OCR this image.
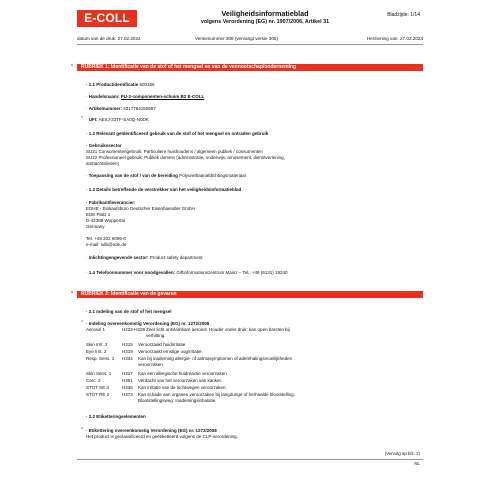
E-COLL	Veiligheidsinformatieblad
volgens Verordening (EG) nr. 1907/2006, Artikel 31
Bladzijde: 1/14
datum van de druk: 27.02.2024	Versienummer 306 (vervangt versie 305)	Herziening van: 27.02.2024
* RUBRIEK 1: Identificatie van de stof of het mengsel en van de vennootschap/onderneming
· 1.1 Productidentificatie 600166
· Handelsnaam: PU-2-componenten-schuim B2 E-COLL
· Artikelnummer: 4317784150697
* · UFI: AEXJ-23TF-SA0Q-N0DK
· 1.2 Relevant geïdentificeerd gebruik van de stof of het mengsel en ontraden gebruik
· Gebruikssector
SU21 Consumentengebruik: Particuliere huishoudens / algemeen publiek / consumenten
SU22 Professioneel gebruik: Publiek domein (administratie, onderwijs, amusement, dienstverlening,
ambachtslieden)
· Toepassing van de stof / van de bereiding Polyurethaanafdichtingsmateriaal
· 1.3 Details betreffende de verstrekker van het veiligheidsinformatieblad
· Fabrikant/leverancier:
EDHE - Einkaufsbüro Deutscher Eisenhaendler GmbH
EDE Platz 1
D-42389 Wuppertal
Germany
Tel. +49 202 6096-0
e-mail: sdb@ede.de
· Inlichtingengevende sector: Product safety department
· 1.4 Telefoonnummer voor noodgevallen: Giftinformationszentrum Mainz – Tel.: +49 (6131) 19240
* RUBRIEK 2: Identificatie van de gevaren
· 2.1 Indeling van de stof of het mengsel
* · Indeling overeenkomstig Verordening (EG) nr. 1272/2008
Aerosol 1	H222-H229 Zeer licht ontvlambare aerosol. Houder onder druk: kan open barsten bij
verhitting.
Skin Irrit. 2	H315 Veroorzaakt huidirritatie.
Eye Irrit. 2	H319 Veroorzaakt ernstige oogirritatie.
Resp. Sens. 1 H334 Kan bij inademing allergie- of astmasymptomen of ademhalingsmoeilijkheden
veroorzaken.
Skin Sens. 1 H317 Kan een allergische huidreactie veroorzaken.
Carc. 2	H351 Verdacht van het veroorzaken van kanker.
STOT SE 3	H335 Kan irritatie van de luchtwegen veroorzaken.
STOT RE 2	H373 Kan schade aan organen veroorzaken bij langdurige of herhaalde blootstelling.
Blootstellingsweg: Inademingsinhalatie.
· 2.2 Etiketteringselementen
* · Etikettering overeenkomstig Verordening (EG) nr. 1272/2008
Het product is geclassificeerd en geëtiketteerd volgens de CLP-verordening.
(Vervolg op blz. 2)
NL
